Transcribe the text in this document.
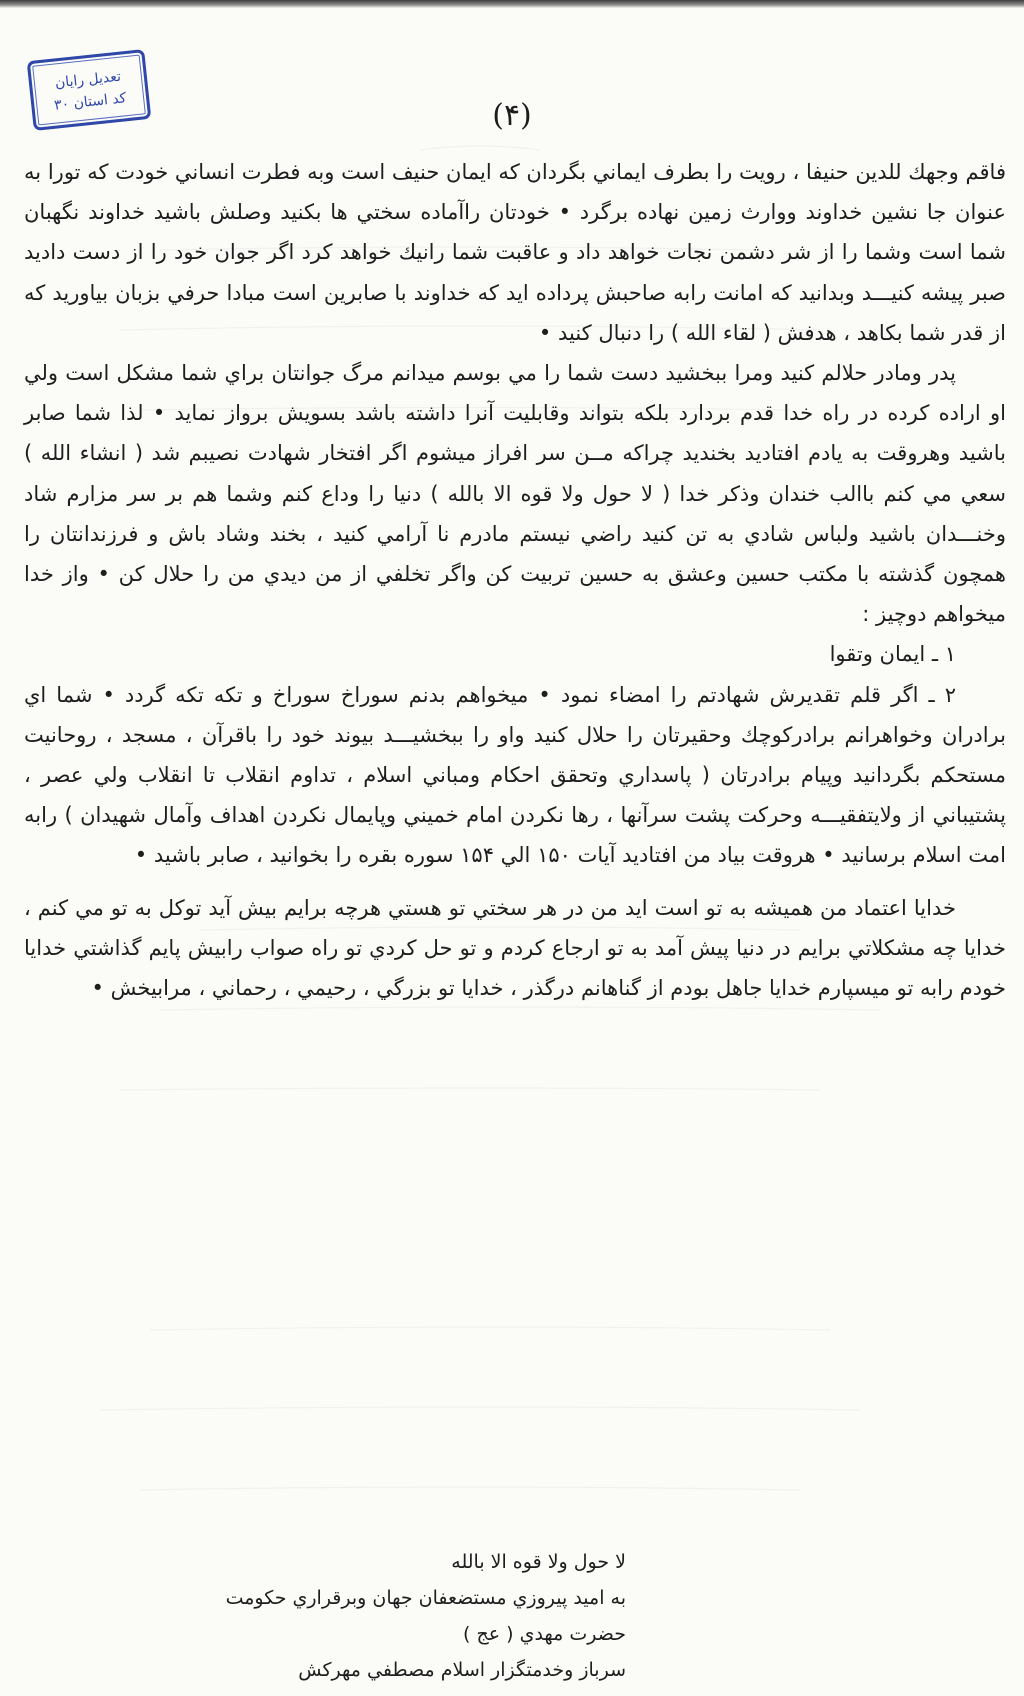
تعدیل رایان
کد استان ۳۰	(۴)

فاقم وجهك للدين حنيفا ، رويت را بطرف ايماني بگردان كه ايمان حنيف است وبه فطرت انساني خودت كه تورا به عنوان جا نشين خداوند ووارث زمين نهاده برگرد • خودتان راآماده سختي ها بكنيد وصلش باشيد خداوند نگهبان شما است وشما را از شر دشمن نجات خواهد داد و عاقبت شما رانيك خواهد كرد اگر جوان خود را از دست داديد صبر پيشه كنيـــد وبدانيد كه امانت رابه صاحبش پرداده ايد كه خداوند با صابرين است مبادا حرفي بزبان بياوريد كه از قدر شما بكاهد ، هدفش ( لقاء الله ) را دنبال كنيد •

پدر ومادر حلالم كنيد ومرا ببخشيد دست شما را مي بوسم ميدانم مرگ جوانتان براي شما مشكل است ولي او اراده كرده در راه خدا قدم بردارد بلكه بتواند وقابليت آنرا داشته باشد بسويش برواز نمايد • لذا شما صابر باشيد وهروقت به يادم افتاديد بخنديد چراكه مــن سر افراز ميشوم اگر افتخار شهادت نصيبم شد ( انشاء الله ) سعي مي كنم باالب خندان وذكر خدا ( لا حول ولا قوه الا بالله ) دنيا را وداع كنم وشما هم بر سر مزارم شاد وخنـــدان باشيد ولباس شادي به تن كنيد راضي نيستم مادرم نا آرامي كنيد ، بخند وشاد باش و فرزندانتان را همچون گذشته با مكتب حسين وعشق به حسين تربيت كن واگر تخلفي از من ديدي من را حلال كن • واز خدا ميخواهم دوچيز :

۱ ـ ايمان وتقوا

۲ ـ اگر قلم تقديرش شهادتم را امضاء نمود • ميخواهم بدنم سوراخ سوراخ و تكه تكه گردد • شما اي برادران وخواهرانم برادركوچك وحقيرتان را حلال كنيد واو را ببخشيـــد بيوند خود را باقرآن ، مسجد ، روحانيت مستحكم بگردانيد وپيام برادرتان ( پاسداري وتحقق احكام ومباني اسلام ، تداوم انقلاب تا انقلاب ولي عصر ، پشتيباني از ولايتفقيـــه وحركت پشت سرآنها ، رها نكردن امام خميني وپايمال نكردن اهداف وآمال شهيدان ) رابه امت اسلام برسانيد • هروقت بياد من افتاديد آيات ۱۵۰ الي ۱۵۴ سوره بقره را بخوانيد ، صابر باشيد •

خدايا اعتماد من هميشه به تو است ايد من در هر سختي تو هستي هرچه برايم بيش آيد توكل به تو مي كنم ، خدايا چه مشكلاتي برايم در دنيا پيش آمد به تو ارجاع كردم و تو حل كردي تو راه صواب رابيش پايم گذاشتي خدايا خودم رابه تو ميسپارم خدايا جاهل بودم از گناهانم درگذر ، خدايا تو بزرگي ، رحيمي ، رحماني ، مرابيخش •

لا حول ولا قوه الا بالله
به اميد پيروزي مستضعفان جهان وبرقراري حكومت
حضرت مهدي ( عج )
سرباز وخدمتگزار اسلام مصطفي مهركش
